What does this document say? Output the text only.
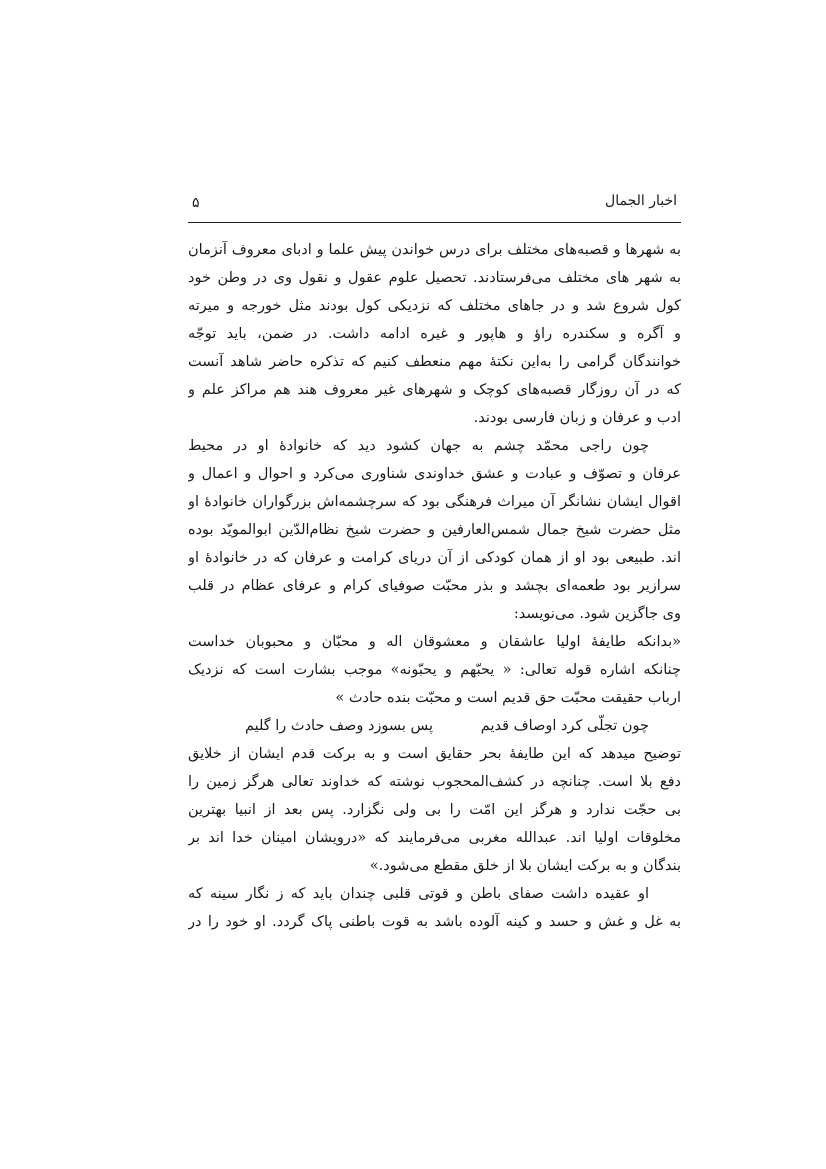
اخبار الجمال
۵
به شهرها و قصبه‌های مختلف برای درس خواندن پیش علما و ادبای معروف آنزمان
به شهر های مختلف می‌فرستادند. تحصیل علوم عقول و نقول وی در وطن خود
کول شروع شد و در جاهای مختلف که نزدیکی کول بودند مثل خورجه و میرته
و آگره و سکندره راؤ و هاپور و غیره ادامه داشت. در ضمن، باید توجّه
خوانندگان گرامی را به‌این نکتهٔ مهم منعطف کنیم که تذکره حاضر شاهد آنست
که در آن روزگار قصبه‌های کوچک و شهرهای غیر معروف هند هم مراکز علم و
ادب و عرفان و زبان فارسی بودند.
چون راجی محمّد چشم به جهان کشود دید که خانوادهٔ او در محیط
عرفان و تصوّف و عبادت و عشق خداوندی شناوری می‌کرد و احوال و اعمال و
اقوال ایشان نشانگر آن میراث فرهنگی بود که سرچشمه‌اش بزرگواران خانوادهٔ او
مثل حضرت شیخ جمال شمس‌العارفین و حضرت شیخ نظام‌الدّین ابوالمویّد بوده
اند. طبیعی بود او از همان کودکی از آن دریای کرامت و عرفان که در خانوادهٔ او
سرازیر بود طعمه‌ای بچشد و بذر محبّت صوفیای کرام و عرفای عظام در قلب
وی جاگزین شود. می‌نویسد:
«بدانکه طایفهٔ اولیا عاشقان و معشوقان اله و محبّان و محبوبان خداست
چنانکه اشاره قوله تعالی: « یحبّهم و یحبّونه» موجب بشارت است که نزدیک
ارباب حقیقت محبّت حق قدیم است و محبّت بنده حادث »
چون تجلّی کرد اوصاف قدیم
پس بسوزد وصف حادث را گلیم
توضیح میدهد که این طایفهٔ بحر حقایق است و به برکت قدم ایشان از خلایق
دفع بلا است. چنانچه در کشف‌المحجوب نوشته که خداوند تعالی هرگز زمین را
بی حجّت ندارد و هرگز این امّت را بی ولی نگزارد. پس بعد از انبیا بهترین
مخلوقات اولیا اند. عبدالله مغربی می‌فرمایند که «درویشان امینان خدا اند بر
بندگان و به برکت ایشان بلا از خلق مقطع می‌شود.»
او عقیده داشت صفای باطن و قوتی قلبی چندان باید که ز نگار سینه که
به غل و غش و حسد و کینه آلوده باشد به قوت باطنی پاک گردد. او خود را در
